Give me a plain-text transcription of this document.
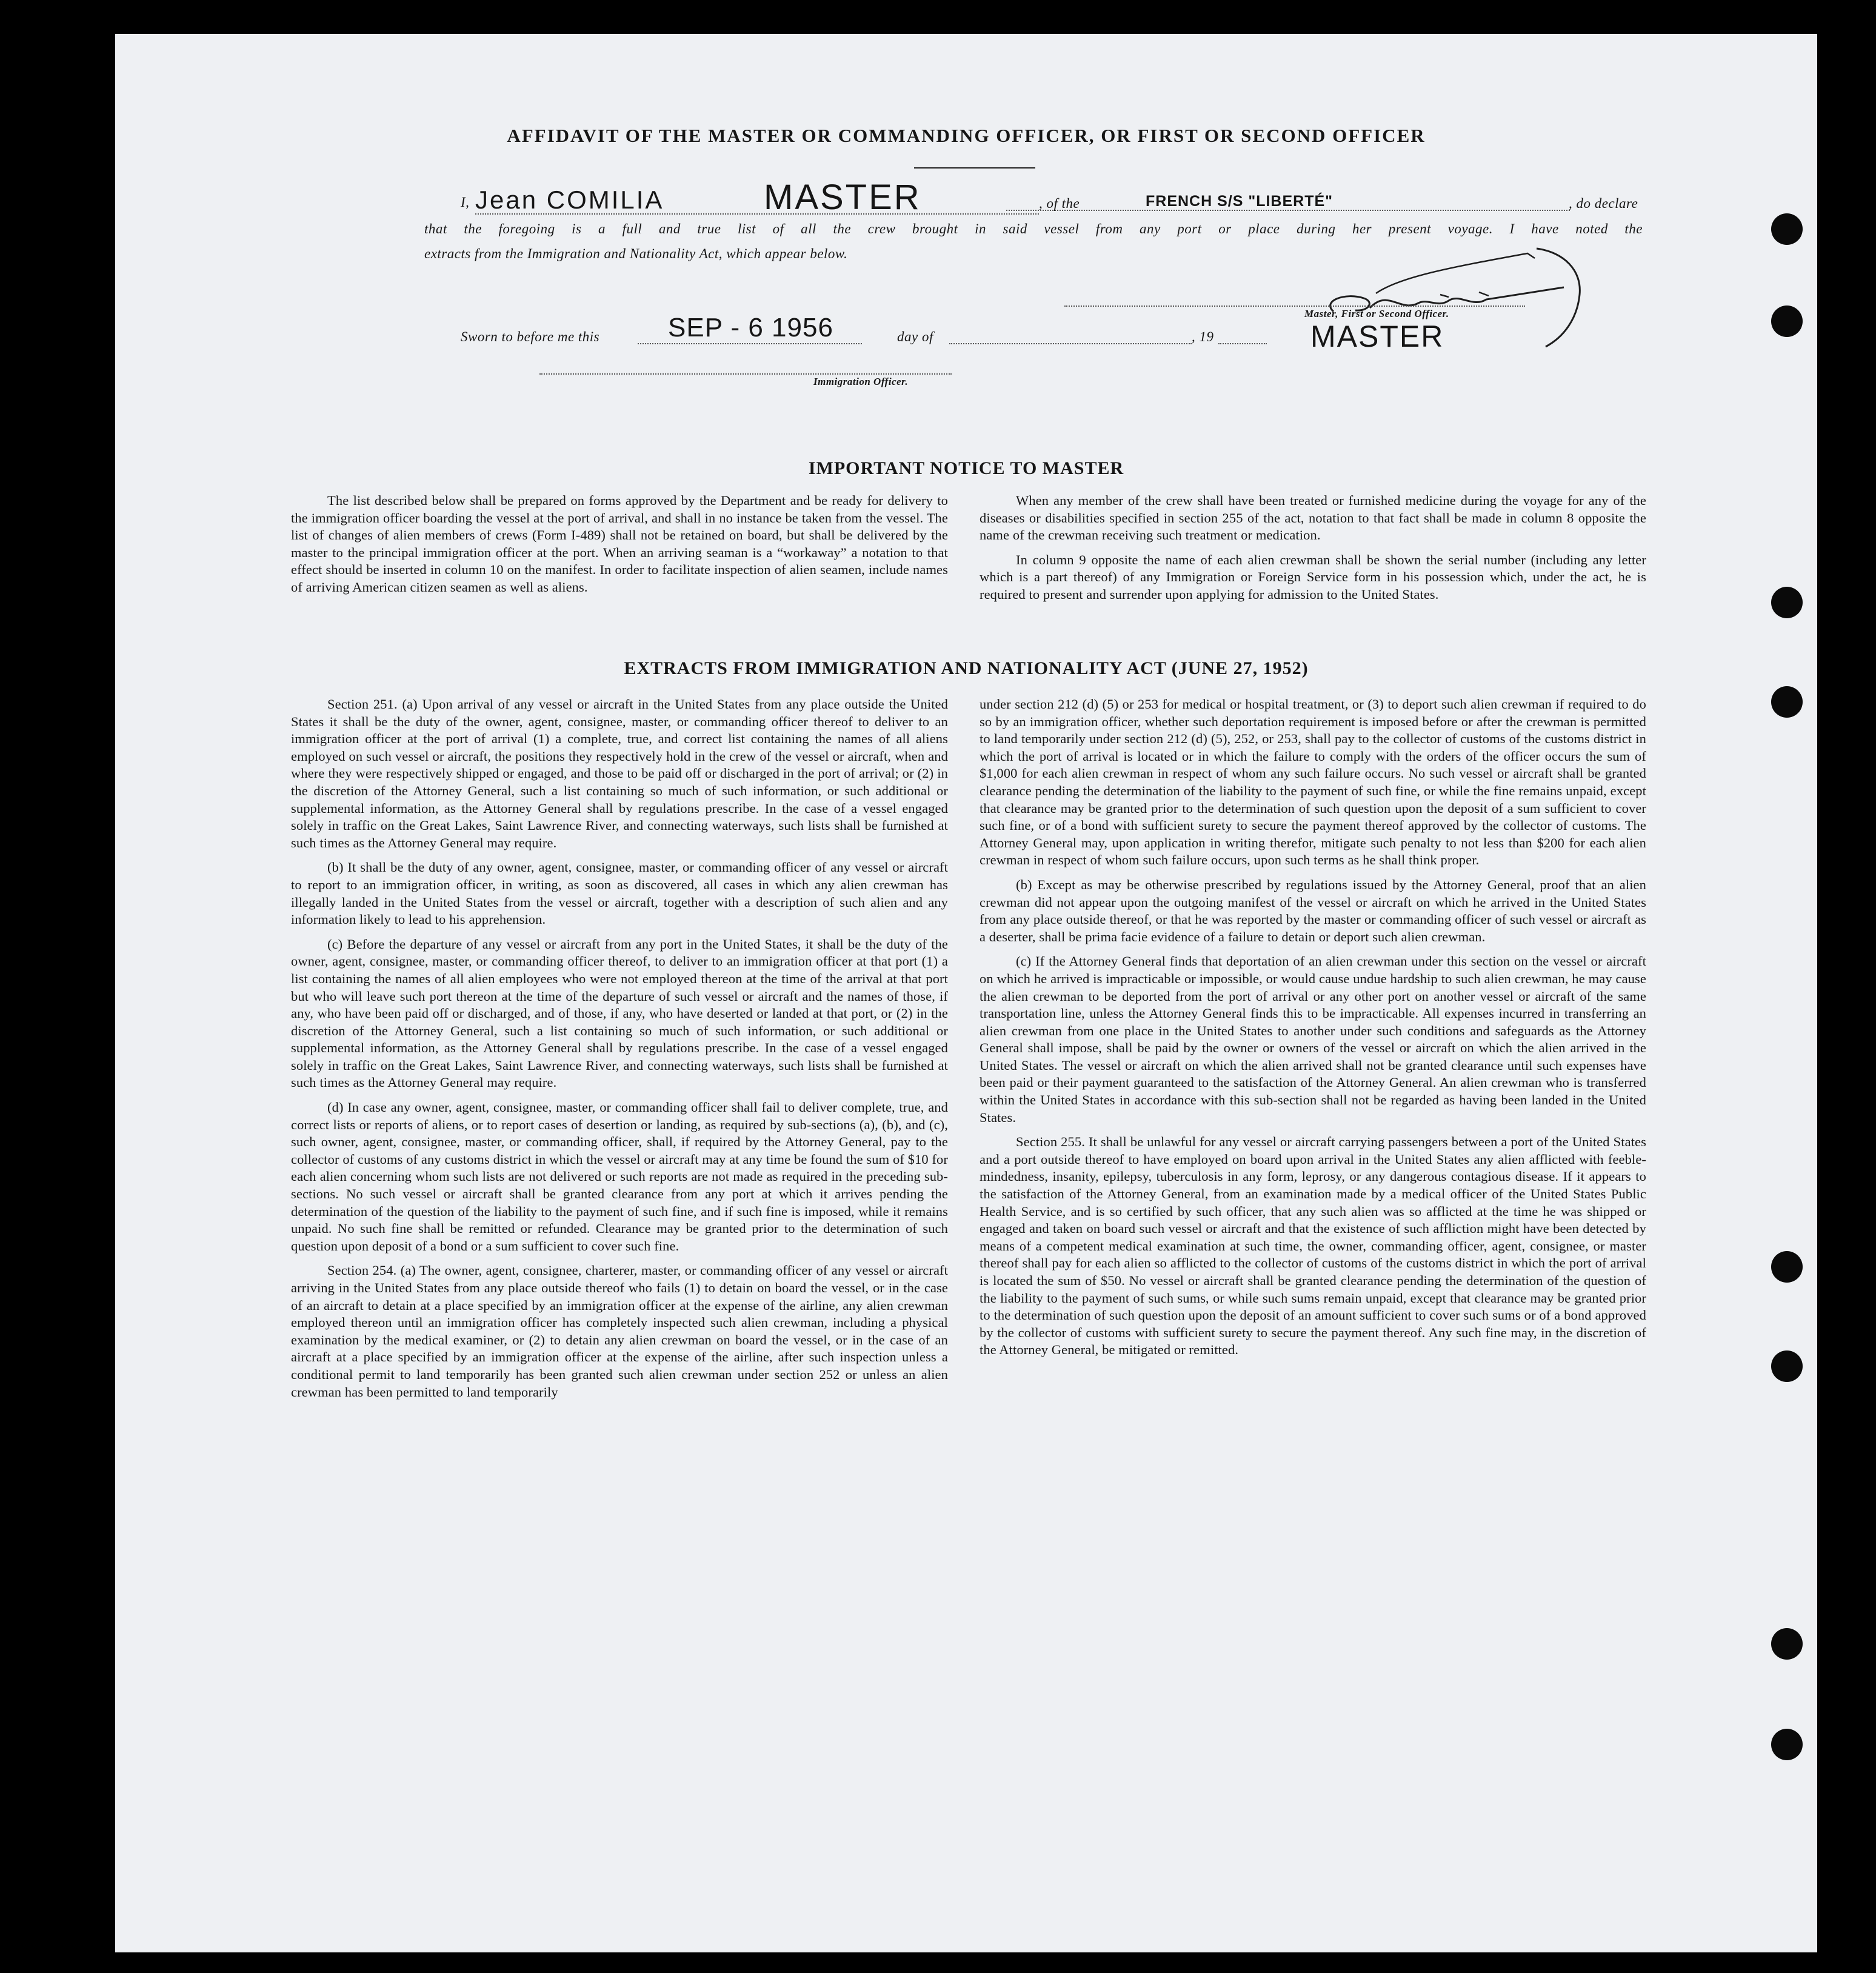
AFFIDAVIT OF THE MASTER OR COMMANDING OFFICER, OR FIRST OR SECOND OFFICER
I, Jean COMILIA	MASTER	, of the	FRENCH S/S "LIBERTÉ"	, do declare
that the foregoing is a full and true list of all the crew brought in said vessel from any port or place during her present voyage. I have noted the
extracts from the Immigration and Nationality Act, which appear below.
Sworn to before me this	SEP - 6 1956	day of	, 19
Master, First or Second Officer.
MASTER
Immigration Officer.
IMPORTANT NOTICE TO MASTER

The list described below shall be prepared on forms approved by the Department and be ready for delivery to the immigration officer boarding the vessel at the port of arrival, and shall in no instance be taken from the vessel. The list of changes of alien members of crews (Form I-489) shall not be retained on board, but shall be delivered by the master to the principal immigration officer at the port. When an arriving seaman is a “workaway” a notation to that effect should be inserted in column 10 on the manifest. In order to facilitate inspection of alien seamen, include names of arriving American citizen seamen as well as aliens.

When any member of the crew shall have been treated or furnished medicine during the voyage for any of the diseases or disabilities specified in section 255 of the act, notation to that fact shall be made in column 8 opposite the name of the crewman receiving such treatment or medication.

In column 9 opposite the name of each alien crewman shall be shown the serial number (including any letter which is a part thereof) of any Immigration or Foreign Service form in his possession which, under the act, he is required to present and surrender upon applying for admission to the United States.

EXTRACTS FROM IMMIGRATION AND NATIONALITY ACT (JUNE 27, 1952)

Section 251. (a) Upon arrival of any vessel or aircraft in the United States from any place outside the United States it shall be the duty of the owner, agent, consignee, master, or commanding officer thereof to deliver to an immigration officer at the port of arrival (1) a complete, true, and correct list containing the names of all aliens employed on such vessel or aircraft, the positions they respectively hold in the crew of the vessel or aircraft, when and where they were respectively shipped or engaged, and those to be paid off or discharged in the port of arrival; or (2) in the discretion of the Attorney General, such a list containing so much of such information, or such additional or supplemental information, as the Attorney General shall by regulations prescribe. In the case of a vessel engaged solely in traffic on the Great Lakes, Saint Lawrence River, and connecting waterways, such lists shall be furnished at such times as the Attorney General may require.

(b) It shall be the duty of any owner, agent, consignee, master, or commanding officer of any vessel or aircraft to report to an immigration officer, in writing, as soon as discovered, all cases in which any alien crewman has illegally landed in the United States from the vessel or aircraft, together with a description of such alien and any information likely to lead to his apprehension.

(c) Before the departure of any vessel or aircraft from any port in the United States, it shall be the duty of the owner, agent, consignee, master, or commanding officer thereof, to deliver to an immigration officer at that port (1) a list containing the names of all alien employees who were not employed thereon at the time of the arrival at that port but who will leave such port thereon at the time of the departure of such vessel or aircraft and the names of those, if any, who have been paid off or discharged, and of those, if any, who have deserted or landed at that port, or (2) in the discretion of the Attorney General, such a list containing so much of such information, or such additional or supplemental information, as the Attorney General shall by regulations prescribe. In the case of a vessel engaged solely in traffic on the Great Lakes, Saint Lawrence River, and connecting waterways, such lists shall be furnished at such times as the Attorney General may require.

(d) In case any owner, agent, consignee, master, or commanding officer shall fail to deliver complete, true, and correct lists or reports of aliens, or to report cases of desertion or landing, as required by sub-sections (a), (b), and (c), such owner, agent, consignee, master, or commanding officer, shall, if required by the Attorney General, pay to the collector of customs of any customs district in which the vessel or aircraft may at any time be found the sum of $10 for each alien concerning whom such lists are not delivered or such reports are not made as required in the preceding sub-sections. No such vessel or aircraft shall be granted clearance from any port at which it arrives pending the determination of the question of the liability to the payment of such fine, and if such fine is imposed, while it remains unpaid. No such fine shall be remitted or refunded. Clearance may be granted prior to the determination of such question upon deposit of a bond or a sum sufficient to cover such fine.

Section 254. (a) The owner, agent, consignee, charterer, master, or commanding officer of any vessel or aircraft arriving in the United States from any place outside thereof who fails (1) to detain on board the vessel, or in the case of an aircraft to detain at a place specified by an immigration officer at the expense of the airline, any alien crewman employed thereon until an immigration officer has completely inspected such alien crewman, including a physical examination by the medical examiner, or (2) to detain any alien crewman on board the vessel, or in the case of an aircraft at a place specified by an immigration officer at the expense of the airline, after such inspection unless a conditional permit to land temporarily has been granted such alien crewman under section 252 or unless an alien crewman has been permitted to land temporarily

under section 212 (d) (5) or 253 for medical or hospital treatment, or (3) to deport such alien crewman if required to do so by an immigration officer, whether such deportation requirement is imposed before or after the crewman is permitted to land temporarily under section 212 (d) (5), 252, or 253, shall pay to the collector of customs of the customs district in which the port of arrival is located or in which the failure to comply with the orders of the officer occurs the sum of $1,000 for each alien crewman in respect of whom any such failure occurs. No such vessel or aircraft shall be granted clearance pending the determination of the liability to the payment of such fine, or while the fine remains unpaid, except that clearance may be granted prior to the determination of such question upon the deposit of a sum sufficient to cover such fine, or of a bond with sufficient surety to secure the payment thereof approved by the collector of customs. The Attorney General may, upon application in writing therefor, mitigate such penalty to not less than $200 for each alien crewman in respect of whom such failure occurs, upon such terms as he shall think proper.

(b) Except as may be otherwise prescribed by regulations issued by the Attorney General, proof that an alien crewman did not appear upon the outgoing manifest of the vessel or aircraft on which he arrived in the United States from any place outside thereof, or that he was reported by the master or commanding officer of such vessel or aircraft as a deserter, shall be prima facie evidence of a failure to detain or deport such alien crewman.

(c) If the Attorney General finds that deportation of an alien crewman under this section on the vessel or aircraft on which he arrived is impracticable or impossible, or would cause undue hardship to such alien crewman, he may cause the alien crewman to be deported from the port of arrival or any other port on another vessel or aircraft of the same transportation line, unless the Attorney General finds this to be impracticable. All expenses incurred in transferring an alien crewman from one place in the United States to another under such conditions and safeguards as the Attorney General shall impose, shall be paid by the owner or owners of the vessel or aircraft on which the alien arrived in the United States. The vessel or aircraft on which the alien arrived shall not be granted clearance until such expenses have been paid or their payment guaranteed to the satisfaction of the Attorney General. An alien crewman who is transferred within the United States in accordance with this sub-section shall not be regarded as having been landed in the United States.

Section 255. It shall be unlawful for any vessel or aircraft carrying passengers between a port of the United States and a port outside thereof to have employed on board upon arrival in the United States any alien afflicted with feeble-mindedness, insanity, epilepsy, tuberculosis in any form, leprosy, or any dangerous contagious disease. If it appears to the satisfaction of the Attorney General, from an examination made by a medical officer of the United States Public Health Service, and is so certified by such officer, that any such alien was so afflicted at the time he was shipped or engaged and taken on board such vessel or aircraft and that the existence of such affliction might have been detected by means of a competent medical examination at such time, the owner, commanding officer, agent, consignee, or master thereof shall pay for each alien so afflicted to the collector of customs of the customs district in which the port of arrival is located the sum of $50. No vessel or aircraft shall be granted clearance pending the determination of the question of the liability to the payment of such sums, or while such sums remain unpaid, except that clearance may be granted prior to the determination of such question upon the deposit of an amount sufficient to cover such sums or of a bond approved by the collector of customs with sufficient surety to secure the payment thereof. Any such fine may, in the discretion of the Attorney General, be mitigated or remitted.
